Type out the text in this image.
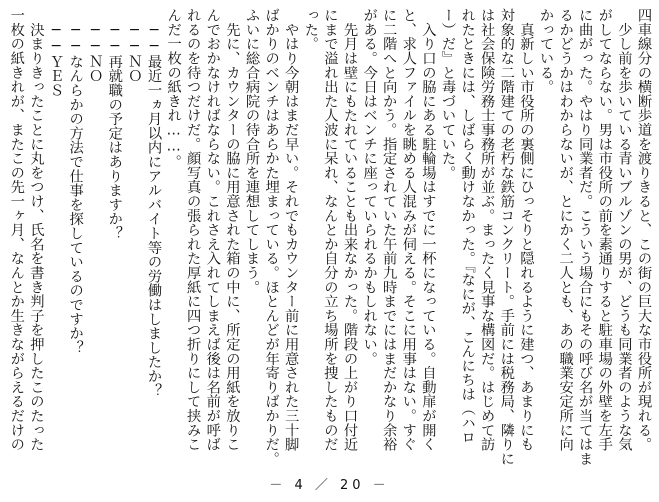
四車線分の横断歩道を渡りきると、この街の巨大な市役所が現れる。

　少し前を歩いている青いブルゾンの男が、どうも同業者のような気

がしてならない。男は市役所の前を素通りすると駐車場の外壁を左手

に曲がった。やはり同業者だ。こういう場合にもその呼び名が当てはま

るかどうかはわからないが、とにかく二人とも、あの職業安定所に向

かっている。

　真新しい市役所の裏側にひっそりと隠れるように建つ、あまりにも

対象的な二階建ての老朽な鉄筋コンクリート。手前には税務局、隣りに

は社会保険労務士事務所が並ぶ。まったく見事な構図だ。はじめて訪

れたときには、しばらく動けなかった。『なにが、こんにちは（ハロ

ー）だ』と毒づいていた。

　入り口の脇にある駐輪場はすでに一杯になっている。自動扉が開く

と、求人ファイルを眺める人混みが伺える。そこに用事はない。すぐ

に二階へと向かう。指定されていた午前九時までにはまだかなり余裕

がある。今日はベンチに座っていられるかもしれない。

　先月は壁にもたれていることも出来なかった。階段の上がり口付近

にまで溢れ出た人波に呆れ、なんとか自分の立ち場所を捜したものだ

った。

　やはり今朝はまだ早い。それでもカウンター前に用意された三十脚

ばかりのベンチはあらかた埋まっている。ほとんどが年寄りばかりだ。

ふいに総合病院の待合所を連想してしまう。

　先に、カウンターの脇に用意された箱の中に、所定の用紙を放りこ

んでおかなければならない。これさえ入れてしまえば後は名前が呼ば

れるのを待つだけだ。顔写真の張られた厚紙に四つ折りにして挟みこ

んだ一枚の紙きれ……。

　──最近一ヵ月以内にアルバイト等の労働はしましたか？

　──ＮＯ

　──再就職の予定はありますか？

　──ＮＯ

　──なんらかの方法で仕事を探しているのですか？

　──ＹＥＳ

　決まりきったことに丸をつけ、氏名を書き判子を押したこのたった

一枚の紙きれが、またこの先一ヶ月、なんとか生きながらえるだけの

－ 4 ／ 20 －
